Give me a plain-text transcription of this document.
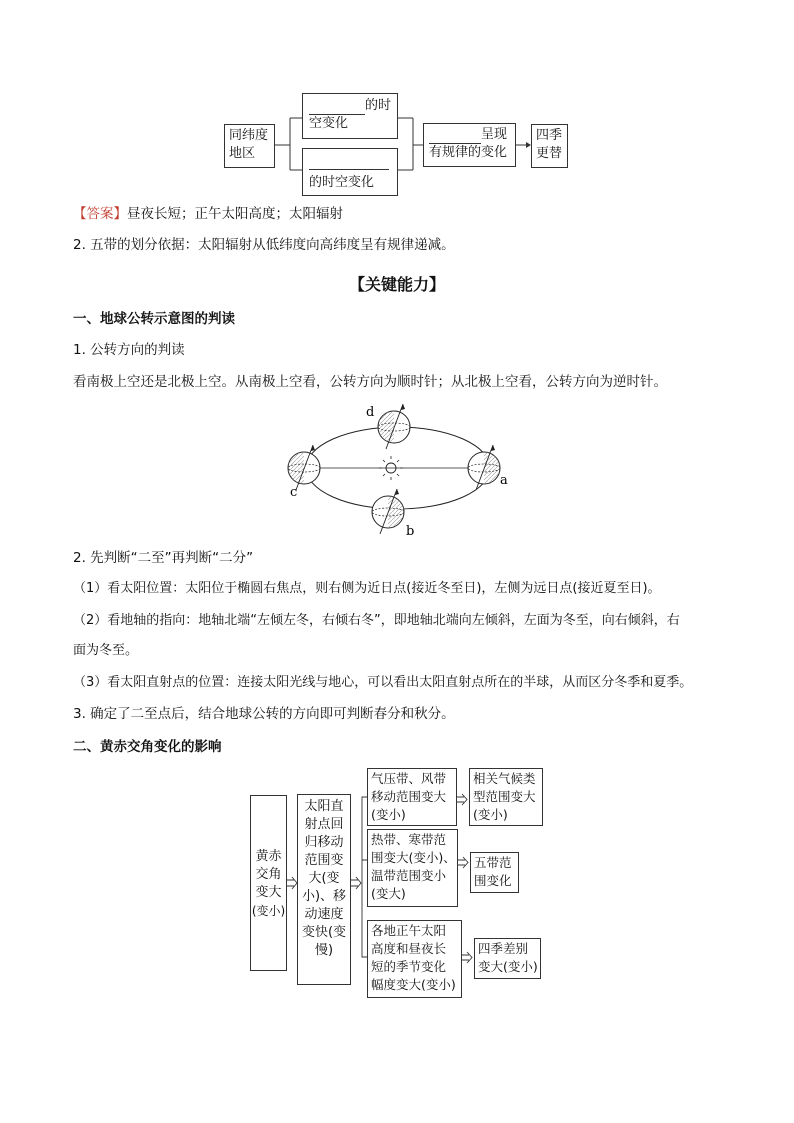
同纬度
地区
的时
空变化
的时空变化
呈现
有规律的变化
四季
更替
【答案】昼夜长短；正午太阳高度；太阳辐射
2. 五带的划分依据：太阳辐射从低纬度向高纬度呈有规律递减。
【关键能力】
一、地球公转示意图的判读
1. 公转方向的判读
看南极上空还是北极上空。从南极上空看，公转方向为顺时针；从北极上空看，公转方向为逆时针。
d
a
c
b
2. 先判断“二至”再判断“二分”
（1）看太阳位置：太阳位于椭圆右焦点，则右侧为近日点(接近冬至日)，左侧为远日点(接近夏至日)。
（2）看地轴的指向：地轴北端“左倾左冬，右倾右冬”，即地轴北端向左倾斜，左面为冬至，向右倾斜，右
面为冬至。
（3）看太阳直射点的位置：连接太阳光线与地心，可以看出太阳直射点所在的半球，从而区分冬季和夏季。
3. 确定了二至点后，结合地球公转的方向即可判断春分和秋分。
二、黄赤交角变化的影响
黄赤
交角
变大
(变小)
太阳直
射点回
归移动
范围变
大(变
小)、移
动速度
变快(变
慢)
气压带、风带
移动范围变大
(变小)
相关气候类
型范围变大
(变小)
热带、寒带范
围变大(变小)、
温带范围变小
(变大)
五带范
围变化
各地正午太阳
高度和昼夜长
短的季节变化
幅度变大(变小)
四季差别
变大(变小)
